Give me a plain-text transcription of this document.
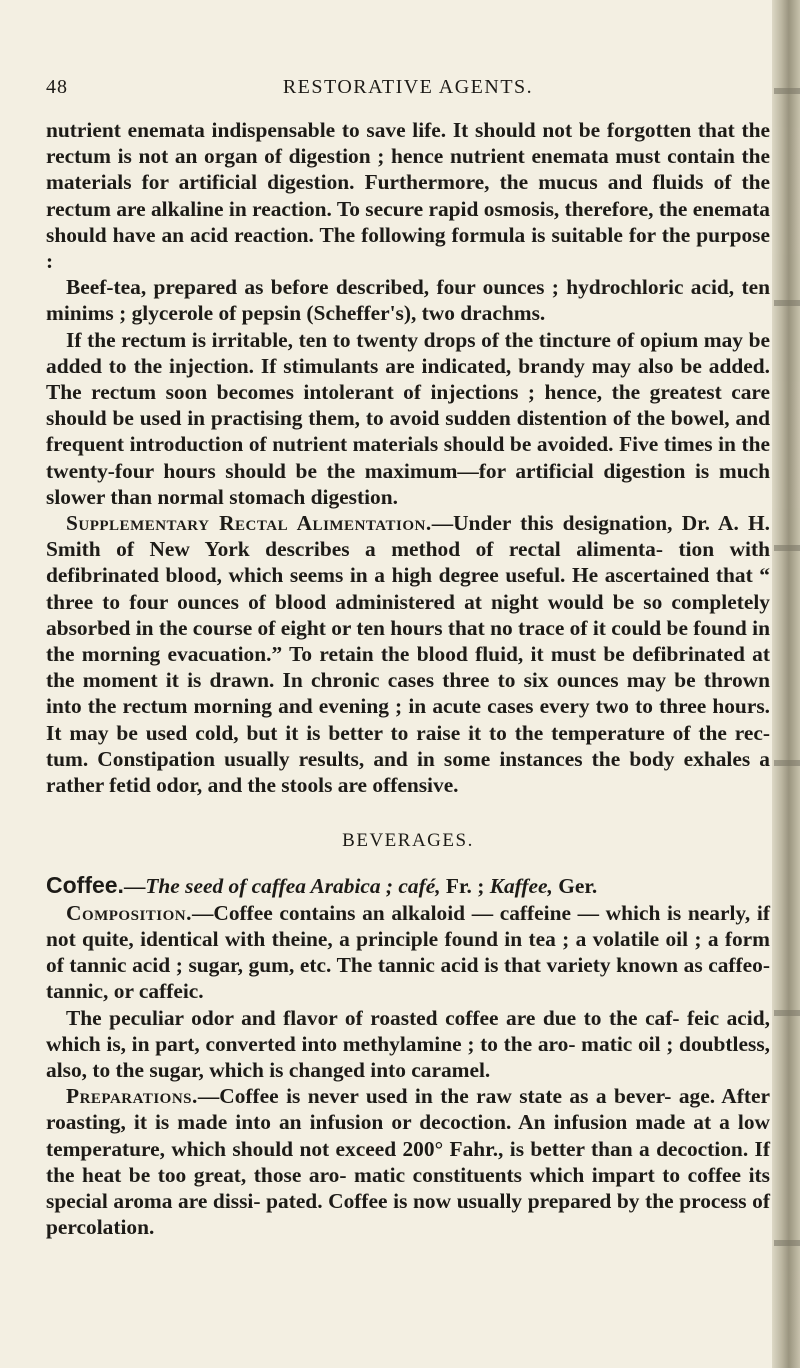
48	RESTORATIVE AGENTS.

nutrient enemata indispensable to save life. It should not be forgotten that the rectum is not an organ of digestion ; hence nutrient enemata must contain the materials for artificial digestion. Furthermore, the mucus and fluids of the rectum are alkaline in reaction. To secure rapid osmosis, therefore, the enemata should have an acid reaction. The following formula is suitable for the purpose :

Beef-tea, prepared as before described, four ounces ; hydrochloric acid, ten minims ; glycerole of pepsin (Scheffer's), two drachms.

If the rectum is irritable, ten to twenty drops of the tincture of opium may be added to the injection. If stimulants are indicated, brandy may also be added. The rectum soon becomes intolerant of injections ; hence, the greatest care should be used in practising them, to avoid sudden distention of the bowel, and frequent introduction of nutrient materials should be avoided. Five times in the twenty-four hours should be the maximum—for artificial digestion is much slower than normal stomach digestion.

Supplementary Rectal Alimentation.—Under this designation, Dr. A. H. Smith of New York describes a method of rectal alimenta- tion with defibrinated blood, which seems in a high degree useful. He ascertained that “ three to four ounces of blood administered at night would be so completely absorbed in the course of eight or ten hours that no trace of it could be found in the morning evacuation.” To retain the blood fluid, it must be defibrinated at the moment it is drawn. In chronic cases three to six ounces may be thrown into the rectum morning and evening ; in acute cases every two to three hours. It may be used cold, but it is better to raise it to the temperature of the rec- tum. Constipation usually results, and in some instances the body exhales a rather fetid odor, and the stools are offensive.

BEVERAGES.

Coffee.—The seed of caffea Arabica ; café, Fr. ; Kaffee, Ger.

Composition.—Coffee contains an alkaloid — caffeine — which is nearly, if not quite, identical with theine, a principle found in tea ; a volatile oil ; a form of tannic acid ; sugar, gum, etc. The tannic acid is that variety known as caffeo-tannic, or caffeic.

The peculiar odor and flavor of roasted coffee are due to the caf- feic acid, which is, in part, converted into methylamine ; to the aro- matic oil ; doubtless, also, to the sugar, which is changed into caramel.

Preparations.—Coffee is never used in the raw state as a bever- age. After roasting, it is made into an infusion or decoction. An infusion made at a low temperature, which should not exceed 200° Fahr., is better than a decoction. If the heat be too great, those aro- matic constituents which impart to coffee its special aroma are dissi- pated. Coffee is now usually prepared by the process of percolation.
